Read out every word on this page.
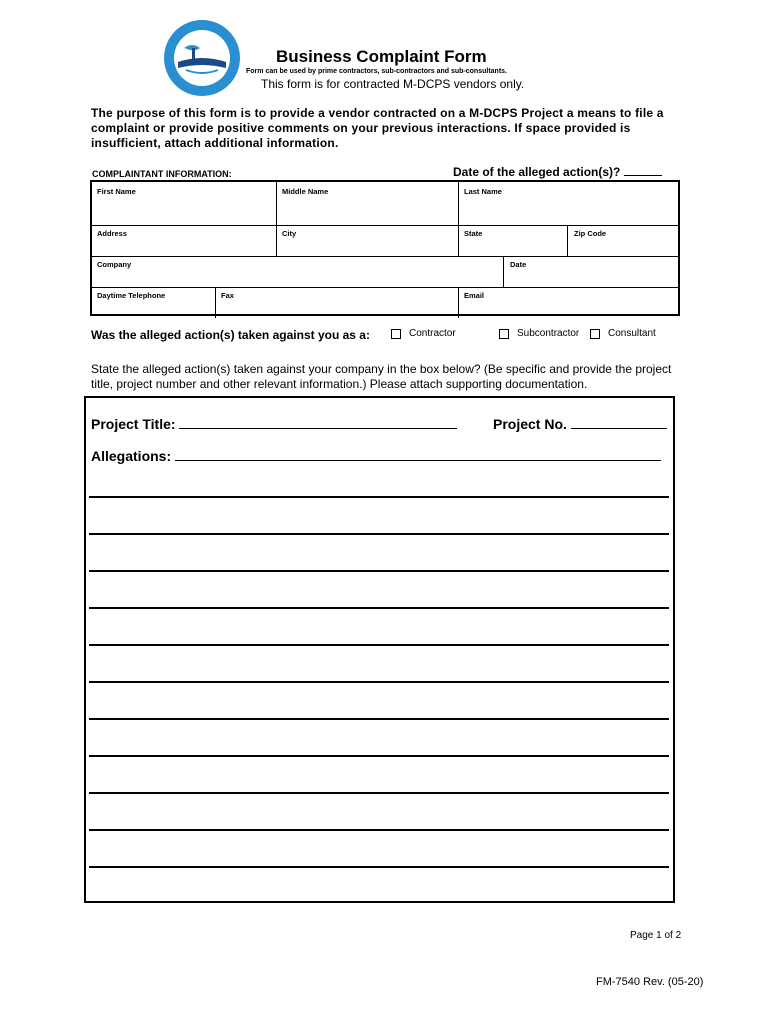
Business Complaint Form
Form can be used by prime contractors, sub-contractors and sub-consultants.
This form is for contracted M-DCPS vendors only.
The purpose of this form is to provide a vendor contracted on a M-DCPS Project a means to file a complaint or provide positive comments on your previous interactions. If space provided is insufficient, attach additional information.
COMPLAINTANT INFORMATION:	Date of the alleged action(s)?
First Name	Middle Name	Last Name
Address	City	State	Zip Code
Company	Date
Daytime Telephone	Fax	Email
Was the alleged action(s) taken against you as a:	Contractor	Subcontractor	Consultant
State the alleged action(s) taken against your company in the box below? (Be specific and provide the project title, project number and other relevant information.) Please attach supporting documentation.
Project Title:	Project No.
Allegations:
Page 1 of 2
FM-7540 Rev. (05-20)
